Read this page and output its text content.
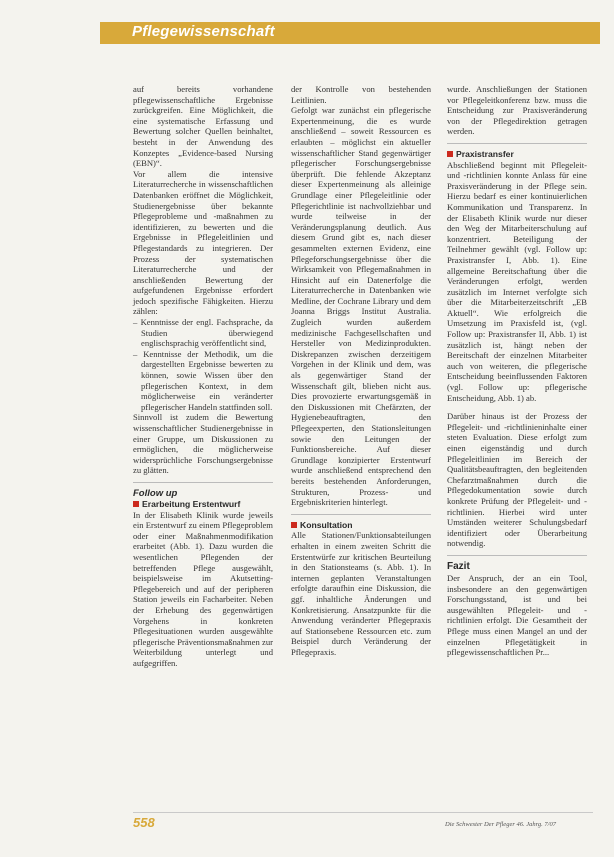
Pflegewissenschaft

auf bereits vorhandene pflegewissenschaftliche Ergebnisse zurückgreifen. Eine Möglichkeit, die eine systematische Erfassung und Bewertung solcher Quellen beinhaltet, besteht in der Anwendung des Konzeptes „Evidence-based Nursing (EBN)“.

Vor allem die intensive Literaturrecherche in wissenschaftlichen Datenbanken eröffnet die Möglichkeit, Studienergebnisse über bekannte Pflegeprobleme und -maßnahmen zu identifizieren, zu bewerten und die Ergebnisse in Pflegeleitlinien und Pflegestandards zu integrieren. Der Prozess der systematischen Literaturrecherche und der anschließenden Bewertung der aufgefundenen Ergebnisse erfordert jedoch spezifische Fähigkeiten. Hierzu zählen:

– Kenntnisse der engl. Fachsprache, da Studien überwiegend englischsprachig veröffentlicht sind,

– Kenntnisse der Methodik, um die dargestellten Ergebnisse bewerten zu können, sowie Wissen über den pflegerischen Kontext, in dem möglicherweise ein veränderter pflegerischer Handeln stattfinden soll.

Sinnvoll ist zudem die Bewertung wissenschaftlicher Studienergebnisse in einer Gruppe, um Diskussionen zu ermöglichen, die möglicherweise widersprüchliche Forschungsergebnisse zu glätten.

Follow up

Erarbeitung Erstentwurf

In der Elisabeth Klinik wurde jeweils ein Erstentwurf zu einem Pflegeproblem oder einer Maßnahmenmodifikation erarbeitet (Abb. 1). Dazu wurden die wesentlichen Pflegenden der betreffenden Pflege ausgewählt, beispielsweise im Akutsetting-Pflegebereich und auf der peripheren Station jeweils ein Facharbeiter. Neben der Erhebung des gegenwärtigen Vorgehens in konkreten Pflegesituationen wurden ausgewählte pflegerische Präventionsmaßnahmen zur Weiterbildung unterlegt und aufgegriffen.

der Kontrolle von bestehenden Leitlinien.

Gefolgt war zunächst ein pflegerische Expertenmeinung, die es wurde anschließend – soweit Ressourcen es erlaubten – möglichst ein aktueller wissenschaftlicher Stand gegenwärtiger pflegerischer Forschungsergebnisse überprüft. Die fehlende Akzeptanz dieser Expertenmeinung als alleinige Grundlage einer Pflegeleitlinie oder Pflegerichtlinie ist nachvollziehbar und wurde teilweise in der Veränderungsplanung deutlich. Aus diesem Grund gibt es, nach dieser gesammelten externen Evidenz, eine Pflegeforschungsergebnisse über die Wirksamkeit von Pflegemaßnahmen in Hinsicht auf ein Datenerfolge die Literaturrecherche in Datenbanken wie Medline, der Cochrane Library und dem Joanna Briggs Institut Australia. Zugleich wurden außerdem medizinische Fachgesellschaften und Hersteller von Medizinprodukten. Diskrepanzen zwischen derzeitigem Vorgehen in der Klinik und dem, was als gegenwärtiger Stand der Wissenschaft gilt, blieben nicht aus. Dies provozierte erwartungsgemäß in den Diskussionen mit Chefärzten, der Hygienebeauftragten, den Pflegeexperten, den Stationsleitungen sowie den Leitungen der Funktionsbereiche. Auf dieser Grundlage konzipierter Erstentwurf wurde anschließend entsprechend den bereits bestehenden Anforderungen, Strukturen, Prozess- und Ergebniskriterien hinterlegt.

Konsultation

Alle Stationen/Funktionsabteilungen erhalten in einem zweiten Schritt die Erstentwürfe zur kritischen Beurteilung in den Stationsteams (s. Abb. 1). In internen geplanten Veranstaltungen erfolgte daraufhin eine Diskussion, die ggf. inhaltliche Änderungen und Konkretisierung. Ansatzpunkte für die Anwendung veränderter Pflegepraxis auf Stationsebene Ressourcen etc. zum Beispiel durch Veränderung der Pflegepraxis.

wurde. Anschließungen der Stationen vor Pflegeleitkonferenz bzw. muss die Entscheidung zur Praxisveränderung von der Pflegedirektion getragen werden.

Praxistransfer

Abschließend beginnt mit Pflegeleit- und -richtlinien konnte Anlass für eine Praxisveränderung in der Pflege sein. Hierzu bedarf es einer kontinuierlichen Kommunikation und Transparenz. In der Elisabeth Klinik wurde nur dieser den Weg der Mitarbeiterschulung auf konzentriert. Beteiligung der Teilnehmer gewählt (vgl. Follow up: Praxistransfer I, Abb. 1). Eine allgemeine Bereitschaftung über die Veränderungen erfolgt, werden zusätzlich im Internet verfolgte sich über die Mitarbeiterzeitschrift „EB Aktuell“. Wie erfolgreich die Umsetzung im Praxisfeld ist, (vgl. Follow up: Praxistransfer II, Abb. 1) ist zusätzlich ist, hängt neben der Bereitschaft der einzelnen Mitarbeiter auch von weiteren, die pflegerische Entscheidung beeinflussenden Faktoren (vgl. Follow up: pflegerische Entscheidung, Abb. 1) ab.

Darüber hinaus ist der Prozess der Pflegeleit- und -richtlinieninhalte einer steten Evaluation. Diese erfolgt zum einen eigenständig und durch Pflegeleitlinien im Bereich der Qualitätsbeauftragten, den begleitenden Chefarztmaßnahmen durch die Pflegedokumentation sowie durch konkrete Prüfung der Pflegeleit- und -richtlinien. Hierbei wird unter Umständen weiterer Schulungsbedarf identifiziert oder Überarbeitung notwendig.

Fazit

Der Anspruch, der an ein Tool, insbesondere an den gegenwärtigen Forschungsstand, ist und bei ausgewählten Pflegeleit- und -richtlinien erfolgt. Die Gesamtheit der Pflege muss einen Mangel an und der einzelnen Pflegetätigkeit in pflegewissenschaftlichen Pr...

558	Die Schwester Der Pfleger 46. Jahrg. 7/07
